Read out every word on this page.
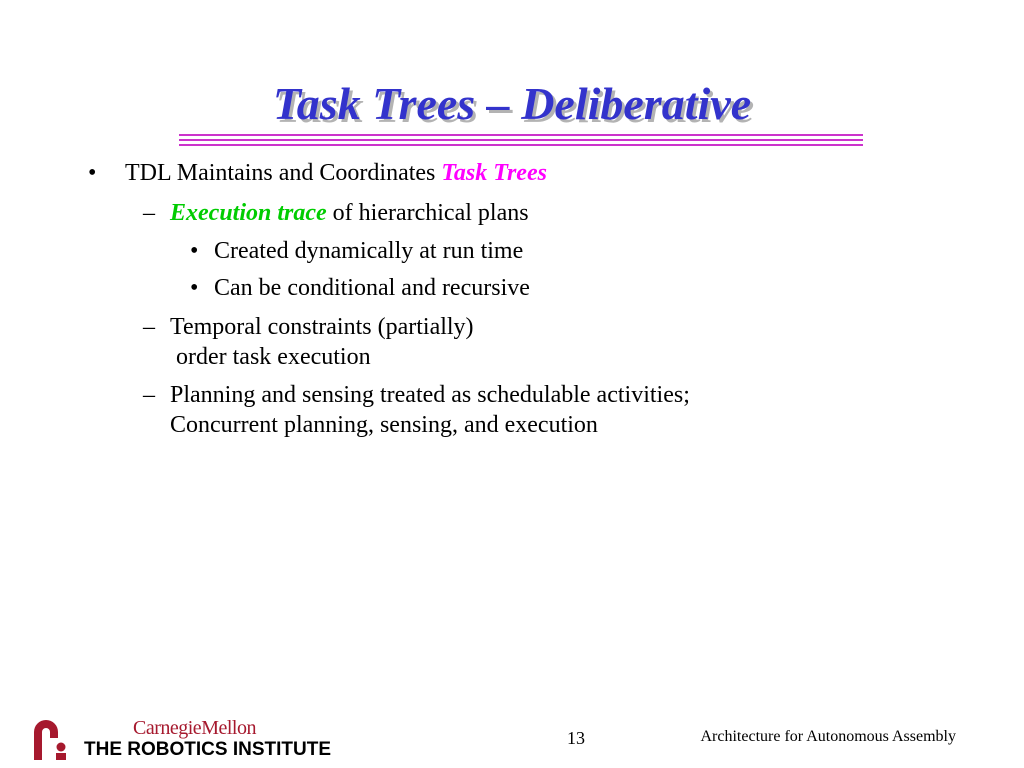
Task Trees – Deliberative
• TDL Maintains and Coordinates Task Trees
– Execution trace of hierarchical plans
• Created dynamically at run time
• Can be conditional and recursive
– Temporal constraints (partially)
order task execution
– Planning and sensing treated as schedulable activities;
Concurrent planning, sensing, and execution
CarnegieMellon
THE ROBOTICS INSTITUTE
13	Architecture for Autonomous Assembly
